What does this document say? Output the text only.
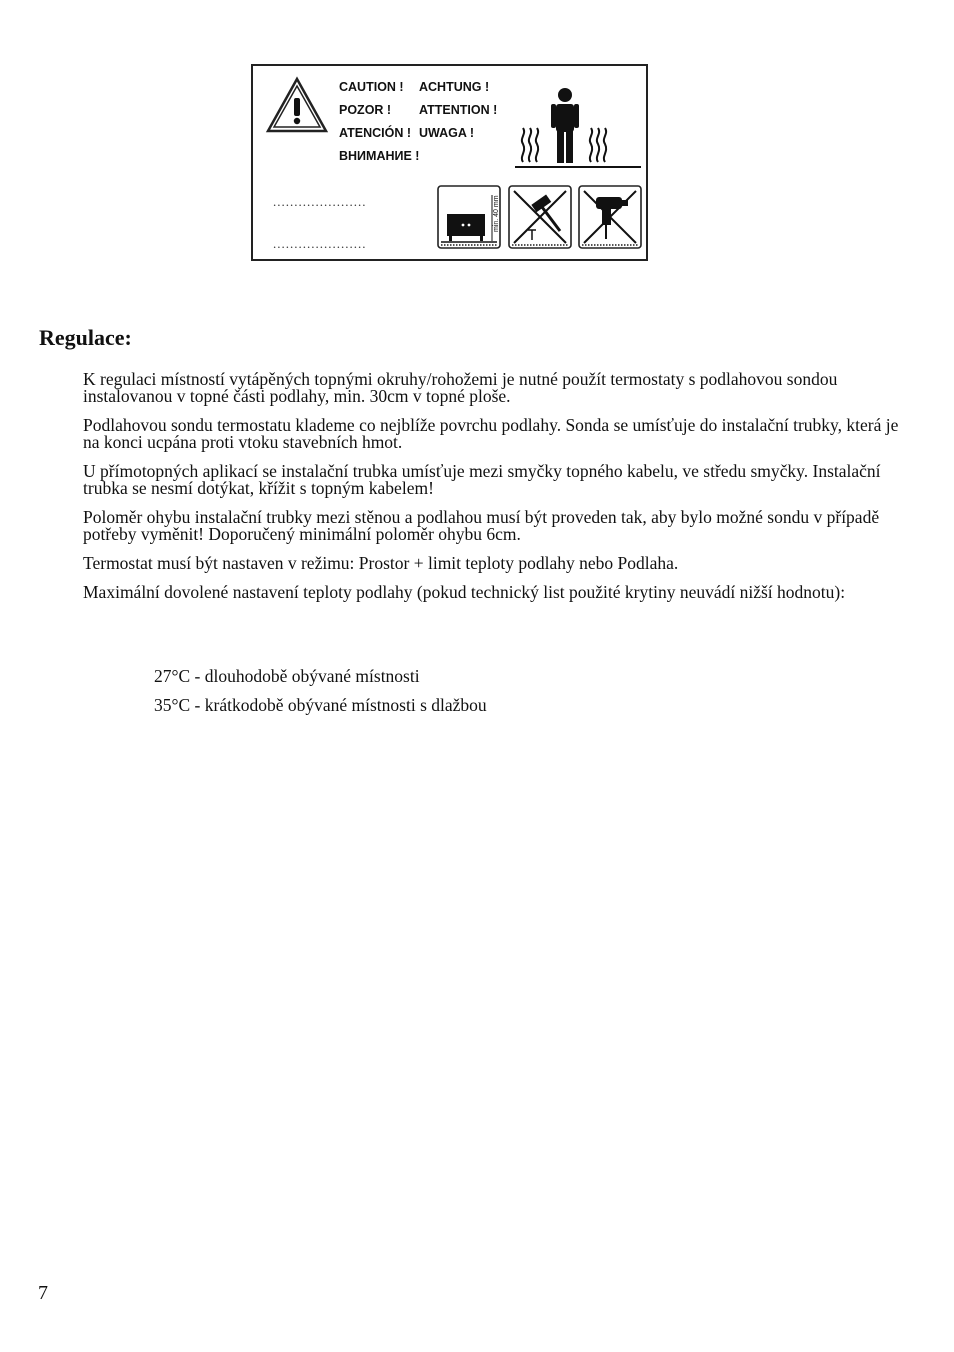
CAUTION !	ACHTUNG !
POZOR !	ATTENTION !
ATENCIÓN ! UWAGA !
ВНИМАНИЕ !
......................
......................
min. 40 mm
Regulace:

K regulaci místností vytápěných topnými okruhy/rohožemi je nutné použít termostaty s podlahovou sondou instalovanou v topné části podlahy, min. 30cm v topné ploše.

Podlahovou sondu termostatu klademe co nejblíže povrchu podlahy. Sonda se umísťuje do instalační trubky, která je na konci ucpána proti vtoku stavebních hmot.

U přímotopných aplikací se instalační trubka umísťuje mezi smyčky topného kabelu, ve středu smyčky. Instalační trubka se nesmí dotýkat, křížit s topným kabelem!

Poloměr ohybu instalační trubky mezi stěnou a podlahou musí být proveden tak, aby bylo možné sondu v případě potřeby vyměnit! Doporučený minimální poloměr ohybu 6cm.

Termostat musí být nastaven v režimu: Prostor + limit teploty podlahy nebo Podlaha.

Maximální dovolené nastavení teploty podlahy (pokud technický list použité krytiny neuvádí nižší hodnotu):

27°C - dlouhodobě obývané místnosti
35°C - krátkodobě obývané místnosti s dlažbou
7
